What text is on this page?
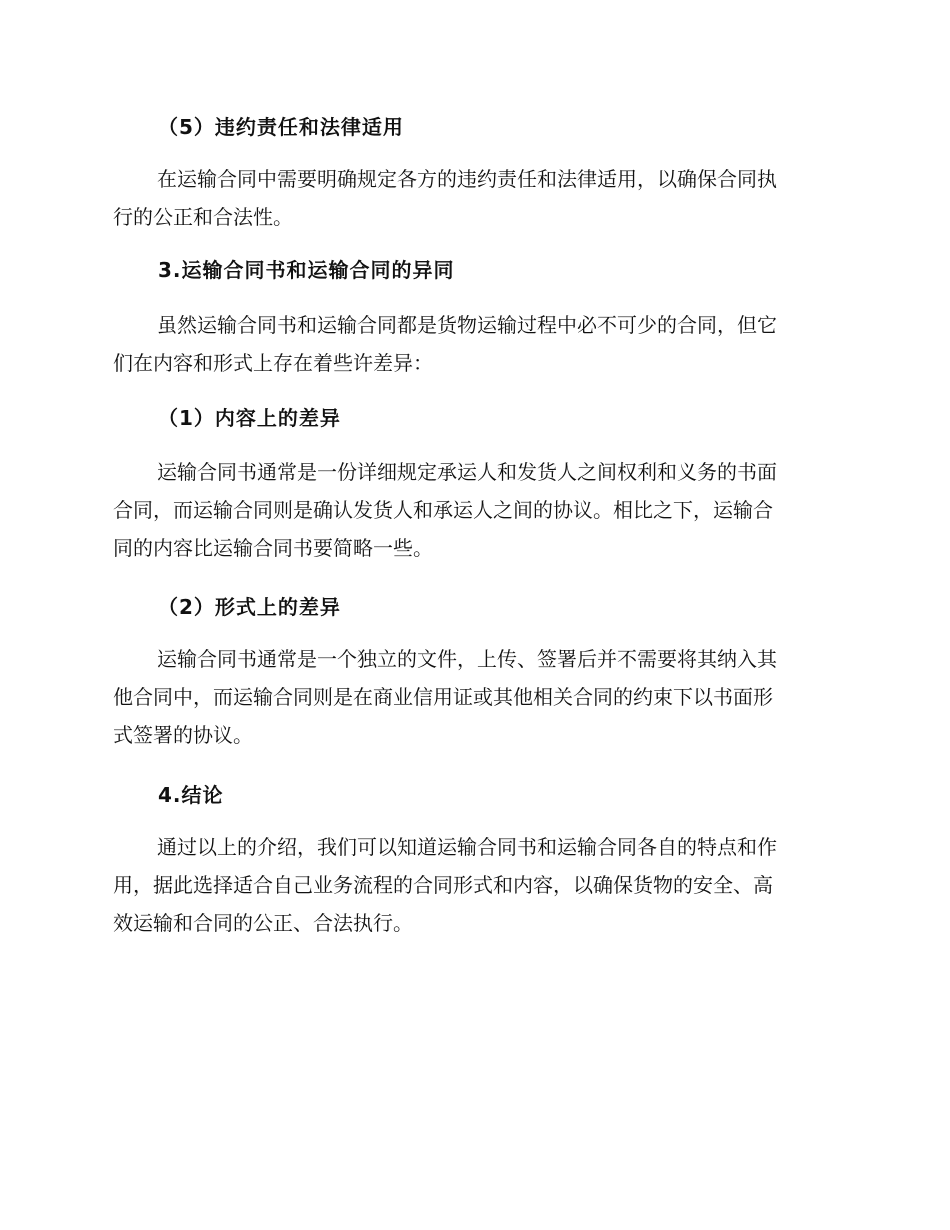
（5）违约责任和法律适用
在运输合同中需要明确规定各方的违约责任和法律适用，以确保合同执
行的公正和合法性。
3.运输合同书和运输合同的异同
虽然运输合同书和运输合同都是货物运输过程中必不可少的合同，但它
们在内容和形式上存在着些许差异：
（1）内容上的差异
运输合同书通常是一份详细规定承运人和发货人之间权利和义务的书面
合同，而运输合同则是确认发货人和承运人之间的协议。相比之下，运输合
同的内容比运输合同书要简略一些。
（2）形式上的差异
运输合同书通常是一个独立的文件，上传、签署后并不需要将其纳入其
他合同中，而运输合同则是在商业信用证或其他相关合同的约束下以书面形
式签署的协议。
4.结论
通过以上的介绍，我们可以知道运输合同书和运输合同各自的特点和作
用，据此选择适合自己业务流程的合同形式和内容，以确保货物的安全、高
效运输和合同的公正、合法执行。
